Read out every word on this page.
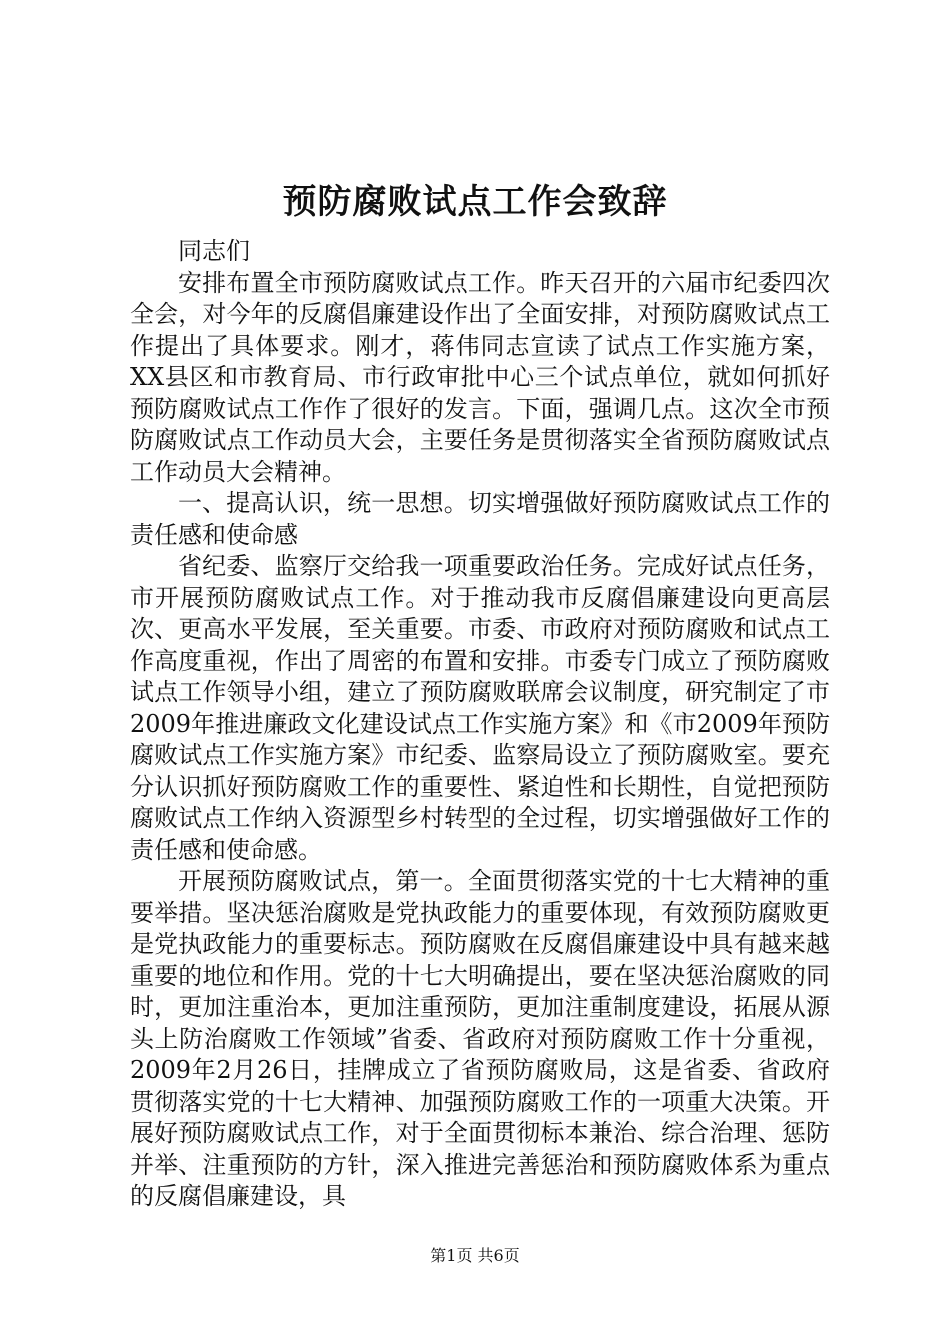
预防腐败试点工作会致辞

同志们

安排布置全市预防腐败试点工作。昨天召开的六届市纪委四次全会，对今年的反腐倡廉建设作出了全面安排，对预防腐败试点工作提出了具体要求。刚才，蒋伟同志宣读了试点工作实施方案，XX县区和市教育局、市行政审批中心三个试点单位，就如何抓好预防腐败试点工作作了很好的发言。下面，强调几点。这次全市预防腐败试点工作动员大会，主要任务是贯彻落实全省预防腐败试点工作动员大会精神。

一、提高认识，统一思想。切实增强做好预防腐败试点工作的责任感和使命感

省纪委、监察厅交给我一项重要政治任务。完成好试点任务，市开展预防腐败试点工作。对于推动我市反腐倡廉建设向更高层次、更高水平发展，至关重要。市委、市政府对预防腐败和试点工作高度重视，作出了周密的布置和安排。市委专门成立了预防腐败试点工作领导小组，建立了预防腐败联席会议制度，研究制定了市2009年推进廉政文化建设试点工作实施方案》和《市2009年预防腐败试点工作实施方案》市纪委、监察局设立了预防腐败室。要充分认识抓好预防腐败工作的重要性、紧迫性和长期性，自觉把预防腐败试点工作纳入资源型乡村转型的全过程，切实增强做好工作的责任感和使命感。

开展预防腐败试点，第一。全面贯彻落实党的十七大精神的重要举措。坚决惩治腐败是党执政能力的重要体现，有效预防腐败更是党执政能力的重要标志。预防腐败在反腐倡廉建设中具有越来越重要的地位和作用。党的十七大明确提出，要在坚决惩治腐败的同时，更加注重治本，更加注重预防，更加注重制度建设，拓展从源头上防治腐败工作领域”省委、省政府对预防腐败工作十分重视，2009年2月26日，挂牌成立了省预防腐败局，这是省委、省政府贯彻落实党的十七大精神、加强预防腐败工作的一项重大决策。开展好预防腐败试点工作，对于全面贯彻标本兼治、综合治理、惩防并举、注重预防的方针，深入推进完善惩治和预防腐败体系为重点的反腐倡廉建设，具

第1页 共6页
